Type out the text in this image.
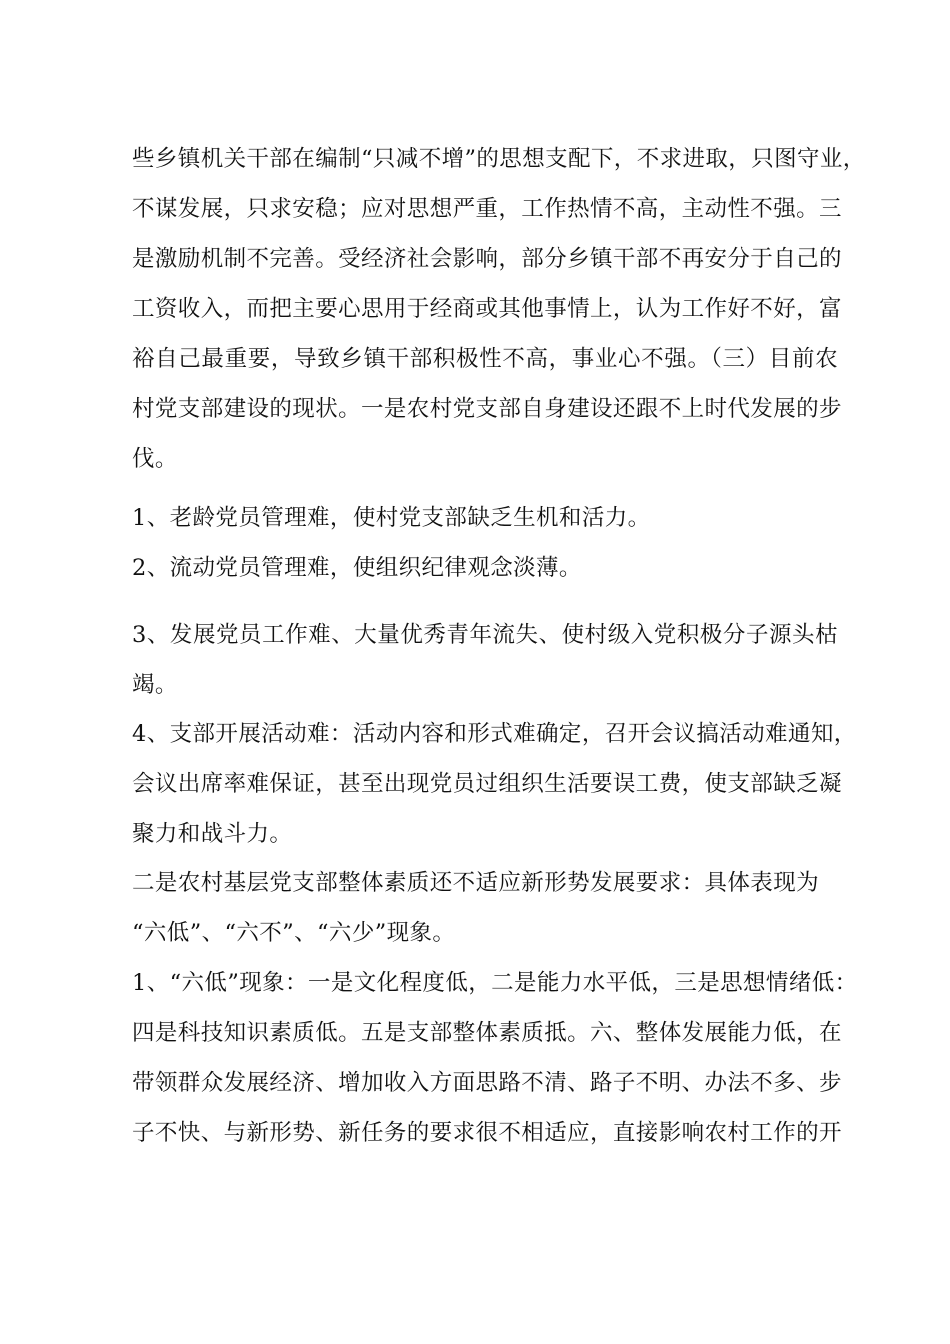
些乡镇机关干部在编制“只减不增”的思想支配下，不求进取，只图守业，
不谋发展，只求安稳；应对思想严重，工作热情不高，主动性不强。三
是激励机制不完善。受经济社会影响，部分乡镇干部不再安分于自己的
工资收入，而把主要心思用于经商或其他事情上，认为工作好不好，富
裕自己最重要，导致乡镇干部积极性不高，事业心不强。（三）目前农
村党支部建设的现状。一是农村党支部自身建设还跟不上时代发展的步
伐。
1、老龄党员管理难，使村党支部缺乏生机和活力。
2、流动党员管理难，使组织纪律观念淡薄。
3、发展党员工作难、大量优秀青年流失、使村级入党积极分子源头枯
竭。
4、支部开展活动难：活动内容和形式难确定，召开会议搞活动难通知，
会议出席率难保证，甚至出现党员过组织生活要误工费，使支部缺乏凝
聚力和战斗力。
二是农村基层党支部整体素质还不适应新形势发展要求：具体表现为
“六低”、“六不”、“六少”现象。
1、“六低”现象：一是文化程度低，二是能力水平低，三是思想情绪低：
四是科技知识素质低。五是支部整体素质抵。六、整体发展能力低，在
带领群众发展经济、增加收入方面思路不清、路子不明、办法不多、步
子不快、与新形势、新任务的要求很不相适应，直接影响农村工作的开
